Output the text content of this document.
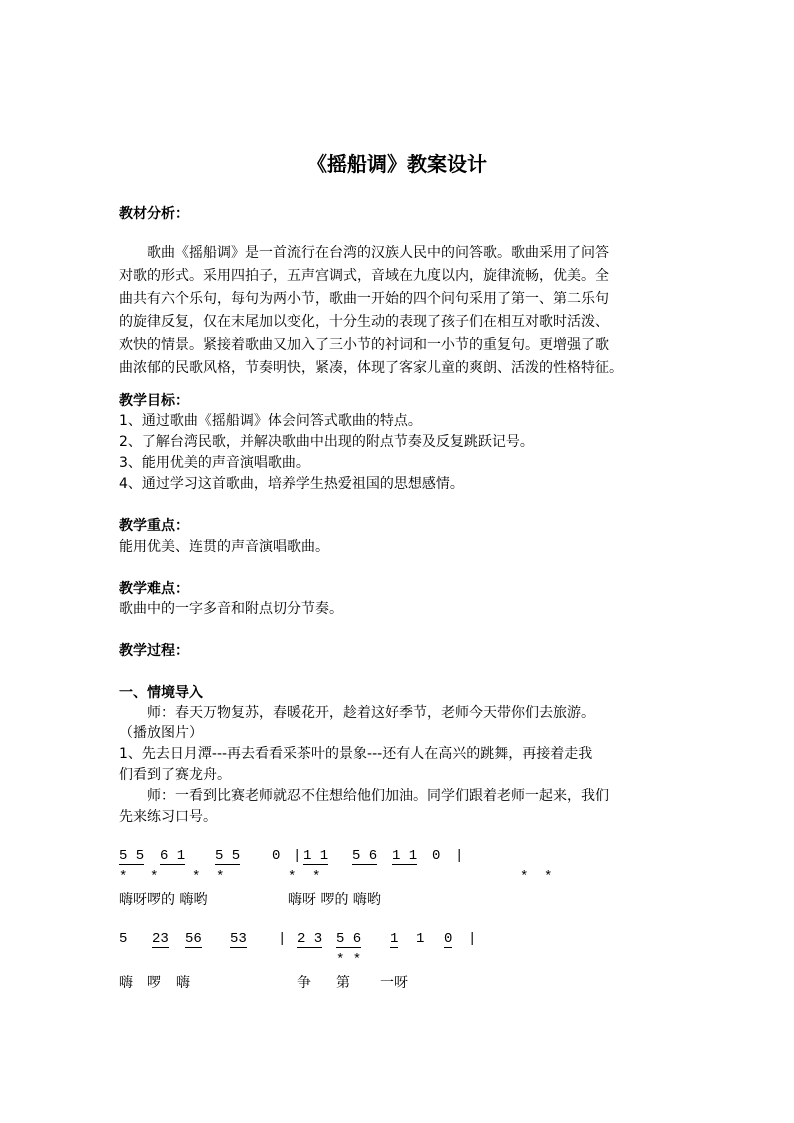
《摇船调》教案设计
教材分析：
　　歌曲《摇船调》是一首流行在台湾的汉族人民中的问答歌。歌曲采用了问答
对歌的形式。采用四拍子，五声宫调式，音域在九度以内，旋律流畅，优美。全
曲共有六个乐句，每句为两小节，歌曲一开始的四个问句采用了第一、第二乐句
的旋律反复，仅在末尾加以变化，十分生动的表现了孩子们在相互对歌时活泼、
欢快的情景。紧接着歌曲又加入了三小节的衬词和一小节的重复句。更增强了歌
曲浓郁的民歌风格，节奏明快，紧凑，体现了客家儿童的爽朗、活泼的性格特征。
教学目标：
1、通过歌曲《摇船调》体会问答式歌曲的特点。
2、了解台湾民歌，并解决歌曲中出现的附点节奏及反复跳跃记号。
3、能用优美的声音演唱歌曲。
4、通过学习这首歌曲，培养学生热爱祖国的思想感情。
教学重点：
能用优美、连贯的声音演唱歌曲。
教学难点：
歌曲中的一字多音和附点切分节奏。
教学过程：
一、情境导入
　　师：春天万物复苏，春暖花开，趁着这好季节，老师今天带你们去旅游。
（播放图片）
1、先去日月潭---再去看看采茶叶的景象---还有人在高兴的跳舞，再接着走我
们看到了赛龙舟。
　　师：一看到比赛老师就忍不住想给他们加油。同学们跟着老师一起来，我们
先来练习口号。
5 5 6 1 5 5 0 | 1 1 5 6 1 1 0 |
* * * *	* *	* *
嗨呀啰的 嗨哟	嗨呀 啰的 嗨哟
5 23 56 53 | 2 3 5 6 1 1 0 |
* *
嗨 啰 嗨	争 第 一呀
